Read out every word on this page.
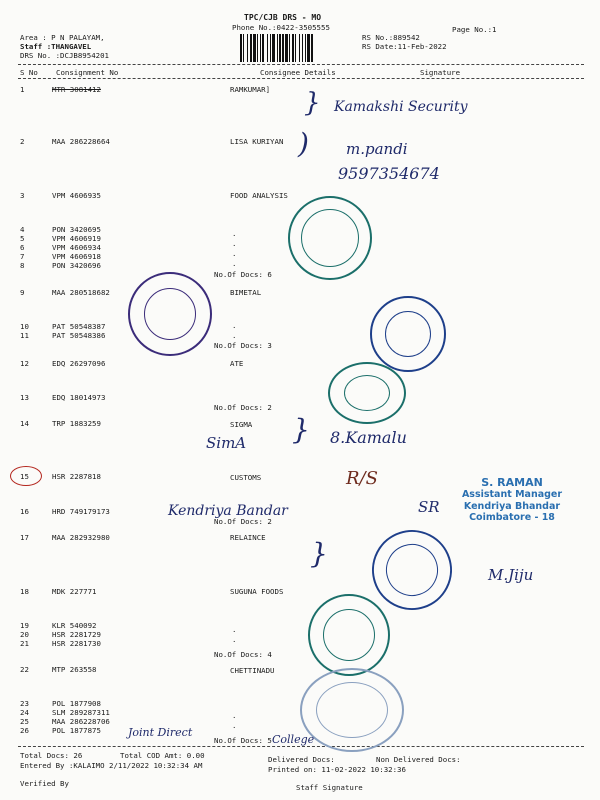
TPC/CJB DRS - MO
Phone No.:0422-3505555	Page No.:1
Area : P N PALAYAM,
Staff :THANGAVEL
DRS No. :DCJB8954201
RS No.:889542
RS Date:11-Feb-2022
S No Consignment No	Consignee Details	Signature
1	MTR 3081412	RAMKUMAR]
2	MAA 286228664	LISA KURIYAN
3	VPM 4606935	FOOD ANALYSIS
4	PON 3420695
5	VPM 4606919
6	VPM 4606934
7	VPM 4606918
8	PON 3420696
.
.
.
.
No.Of Docs: 6
9	MAA 280518682	BIMETAL
10	PAT 50548387
11	PAT 50548386
.
.
No.Of Docs: 3
12	EDQ 26297096	ATE
13	EDQ 18014973
No.Of Docs: 2
14	TRP 1883259	SIGMA
15	HSR 2287818	CUSTOMS
16	HRD 749179173
No.Of Docs: 2
17	MAA 282932980	RELAINCE
18	MDK 227771	SUGUNA FOODS
19	KLR 540092
20	HSR 2281729
21	HSR 2281730
.
.
No.Of Docs: 4
22	MTP 263558	CHETTINADU
23	POL 1877908
24	SLM 289287311
25	MAA 286228706
26	POL 1877875
.
.
No.Of Docs: 5
Total Docs: 26	Total COD Amt: 0.00	Delivered Docs:	Non Delivered Docs:
Entered By :KALAIMO 2/11/2022 10:32:34 AM	Printed on: 11-02-2022 10:32:36
Verified By	Staff Signature
} Kamakshi Security
) m.pandi
9597354674
SimA } 8.Kamalu
R/S
Kendriya Bandar	SR
M.Jiju
}
Joint Direct
College
S. RAMAN
Assistant Manager
Kendriya Bhandar
Coimbatore - 18
